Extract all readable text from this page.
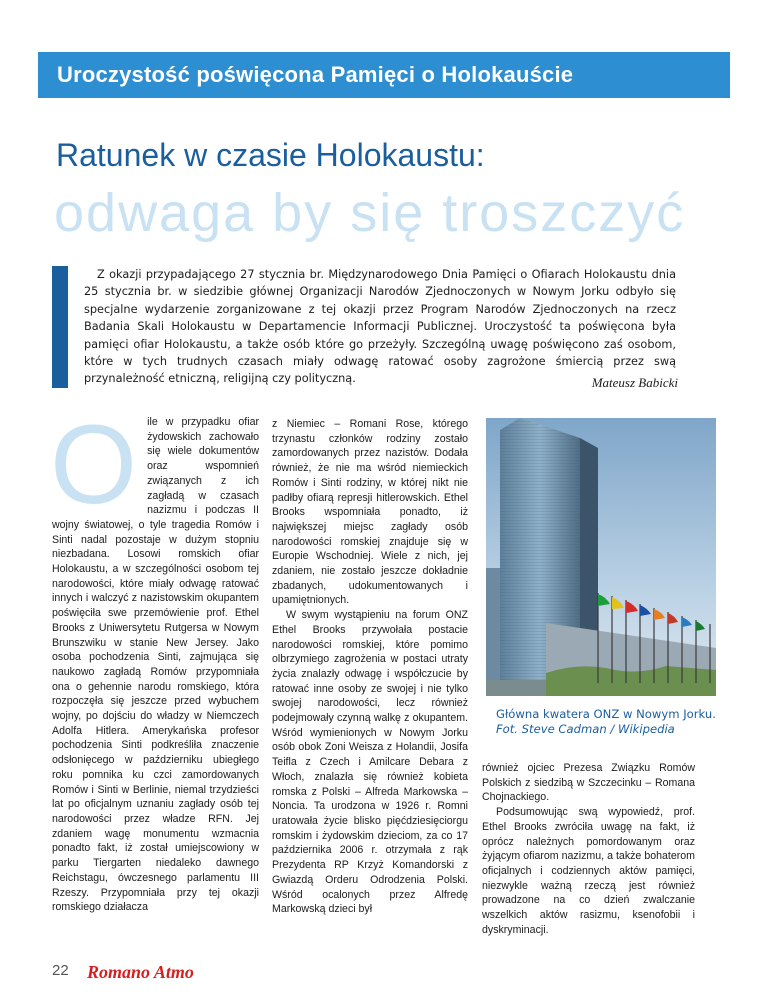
Uroczystość poświęcona Pamięci o Holokauście
Ratunek w czasie Holokaustu:
odwaga by się troszczyć

Z okazji przypadającego 27 stycznia br. Międzynarodowego Dnia Pamięci o Ofiarach Holokaustu dnia 25 stycznia br. w siedzibie głównej Organizacji Narodów Zjednoczonych w Nowym Jorku odbyło się specjalne wydarzenie zorganizowane z tej okazji przez Program Narodów Zjednoczonych na rzecz Badania Skali Holokaustu w Departamencie Informacji Publicznej. Uroczystość ta poświęcona była pamięci ofiar Holokaustu, a także osób które go przeżyły. Szczególną uwagę poświęcono zaś osobom, które w tych trudnych czasach miały odwagę ratować osoby zagrożone śmiercią przez swą przynależność etniczną, religijną czy polityczną.	Mateusz Babicki
O ile w przypadku ofiar żydowskich zachowało się wiele dokumentów oraz wspomnień związanych z ich zagładą w czasach nazizmu i podczas II wojny światowej, o tyle tragedia Romów i Sinti nadal pozostaje w dużym stopniu niezbadana. Losowi romskich ofiar Holokaustu, a w szczególności osobom tej narodowości, które miały odwagę ratować innych i walczyć z nazistowskim okupantem poświęciła swe przemówienie prof. Ethel Brooks z Uniwersytetu Rutgersa w Nowym Brunszwiku w stanie New Jersey. Jako osoba pochodzenia Sinti, zajmująca się naukowo zagładą Romów przypomniała ona o gehennie narodu romskiego, która rozpoczęła się jeszcze przed wybuchem wojny, po dojściu do władzy w Niemczech Adolfa Hitlera. Amerykańska profesor pochodzenia Sinti podkreśliła znaczenie odsłonięcego w październiku ubiegłego roku pomnika ku czci zamordowanych Romów i Sinti w Berlinie, niemal trzydzieści lat po oficjalnym uznaniu zagłady osób tej narodowości przez władze RFN. Jej zdaniem wagę monumentu wzmacnia ponadto fakt, iż został umiejscowiony w parku Tiergarten niedaleko dawnego Reichstagu, ówczesnego parlamentu III Rzeszy. Przypomniała przy tej okazji romskiego działacza

z Niemiec – Romani Rose, którego trzynastu członków rodziny zostało zamordowanych przez nazistów. Dodała również, że nie ma wśród niemieckich Romów i Sinti rodziny, w której nikt nie padłby ofiarą represji hitlerowskich. Ethel Brooks wspomniała ponadto, iż największej miejsc zagłady osób narodowości romskiej znajduje się w Europie Wschodniej. Wiele z nich, jej zdaniem, nie zostało jeszcze dokładnie zbadanych, udokumentowanych i upamiętnionych.

W swym wystąpieniu na forum ONZ Ethel Brooks przywołała postacie narodowości romskiej, które pomimo olbrzymiego zagrożenia w postaci utraty życia znalazły odwagę i współczucie by ratować inne osoby ze swojej i nie tylko swojej narodowości, lecz również podejmowały czynną walkę z okupantem. Wśród wymienionych w Nowym Jorku osób obok Zoni Weisza z Holandii, Josifa Teifla z Czech i Amilcare Debara z Włoch, znalazła się również kobieta romska z Polski – Alfreda Markowska – Noncia. Ta urodzona w 1926 r. Romni uratowała życie blisko pięćdziesięciorgu romskim i żydowskim dzieciom, za co 17 października 2006 r. otrzymała z rąk Prezydenta RP Krzyż Komandorski z Gwiazdą Orderu Odrodzenia Polski. Wśród ocalonych przez Alfredę Markowską dzieci był

Główna kwatera ONZ w Nowym Jorku.
Fot. Steve Cadman / Wikipedia

również ojciec Prezesa Związku Romów Polskich z siedzibą w Szczecinku – Romana Chojnackiego.

Podsumowując swą wypowiedź, prof. Ethel Brooks zwróciła uwagę na fakt, iż oprócz należnych pomordowanym oraz żyjącym ofiarom nazizmu, a także bohaterom oficjalnych i codziennych aktów pamięci, niezwykle ważną rzeczą jest również prowadzone na co dzień zwalczanie wszelkich aktów rasizmu, ksenofobii i dyskryminacji.

22 Romano Atmo
